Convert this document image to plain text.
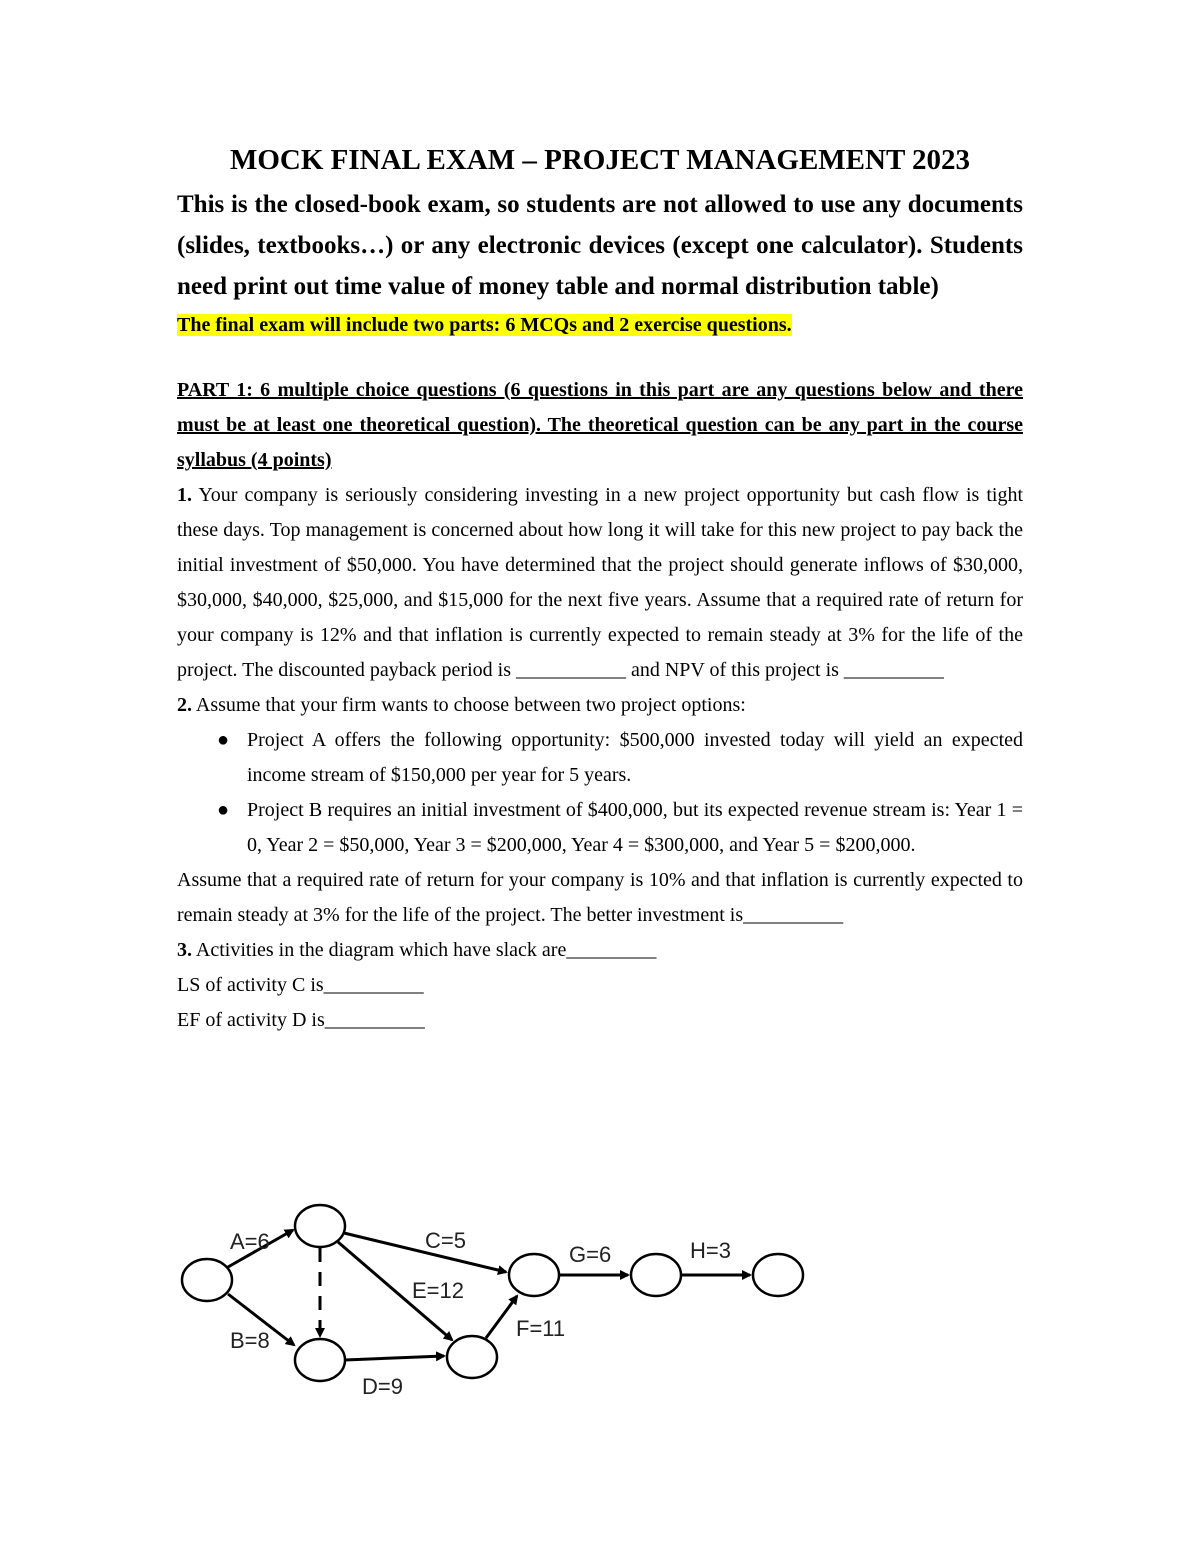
MOCK FINAL EXAM – PROJECT MANAGEMENT 2023

This is the closed-book exam, so students are not allowed to use any documents (slides, textbooks…) or any electronic devices (except one calculator). Students need print out time value of money table and normal distribution table)

The final exam will include two parts: 6 MCQs and 2 exercise questions.

PART 1: 6 multiple choice questions (6 questions in this part are any questions below and there must be at least one theoretical question). The theoretical question can be any part in the course syllabus (4 points)

1. Your company is seriously considering investing in a new project opportunity but cash flow is tight these days. Top management is concerned about how long it will take for this new project to pay back the initial investment of $50,000. You have determined that the project should generate inflows of $30,000, $30,000, $40,000, $25,000, and $15,000 for the next five years. Assume that a required rate of return for your company is 12% and that inflation is currently expected to remain steady at 3% for the life of the project. The discounted payback period is ___________ and NPV of this project is __________

2. Assume that your firm wants to choose between two project options:

● Project A offers the following opportunity: $500,000 invested today will yield an expected income stream of $150,000 per year for 5 years.
● Project B requires an initial investment of $400,000, but its expected revenue stream is: Year 1 = 0, Year 2 = $50,000, Year 3 = $200,000, Year 4 = $300,000, and Year 5 = $200,000.

Assume that a required rate of return for your company is 10% and that inflation is currently expected to remain steady at 3% for the life of the project. The better investment is__________

3. Activities in the diagram which have slack are_________

LS of activity C is__________

EF of activity D is__________

A=6
B=8
C=5
E=12
D=9
F=11
G=6	H=3
